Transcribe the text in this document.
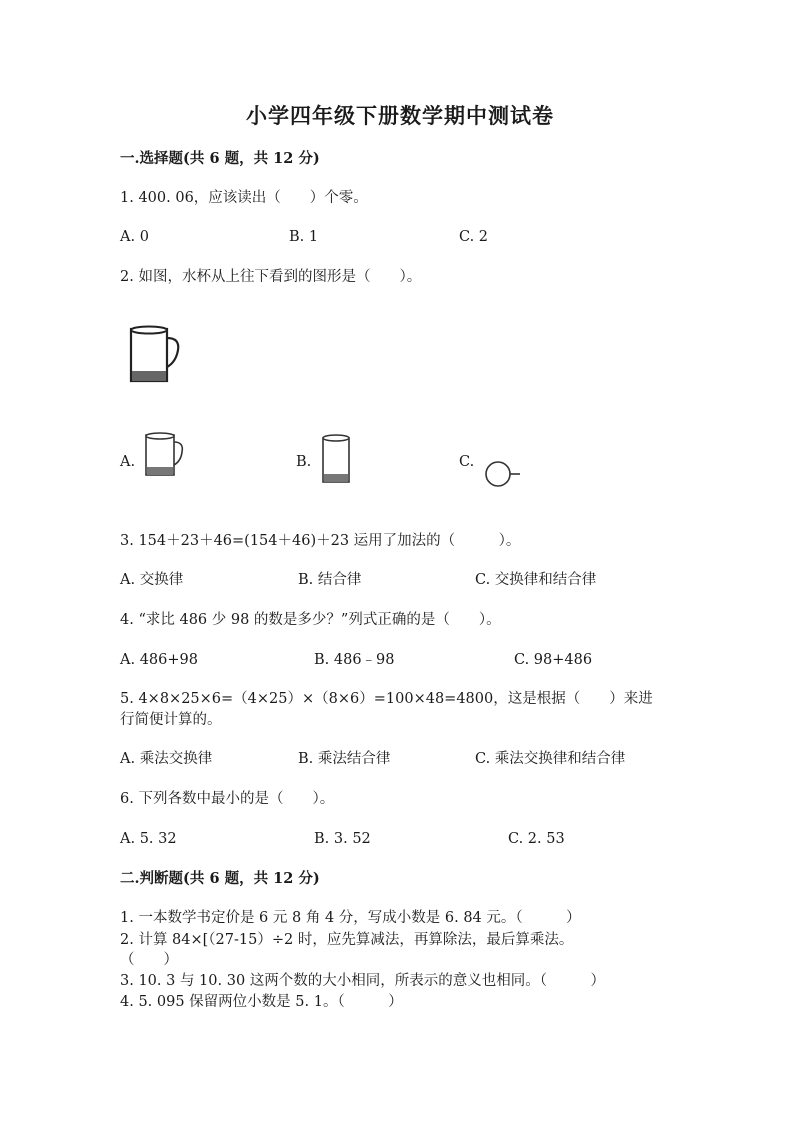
小学四年级下册数学期中测试卷
一.选择题(共 6 题，共 12 分)
1. 400. 06，应该读出（　　）个零。
A. 0	B. 1	C. 2
2. 如图，水杯从上往下看到的图形是（　　）。
A.	B.	C.
3. 154＋23＋46=(154＋46)＋23 运用了加法的（　　　）。
A. 交换律	B. 结合律	C. 交换律和结合律
4. “求比 486 少 98 的数是多少？”列式正确的是（　　）。
A. 486+98	B. 486﹣98	C. 98+486
5. 4×8×25×6=（4×25）×（8×6）=100×48=4800，这是根据（　　）来进
行简便计算的。
A. 乘法交换律	B. 乘法结合律	C. 乘法交换律和结合律
6. 下列各数中最小的是（　　）。
A. 5. 32	B. 3. 52	C. 2. 53
二.判断题(共 6 题，共 12 分)
1. 一本数学书定价是 6 元 8 角 4 分，写成小数是 6. 84 元。（　　　）
2. 计算 84×[（27-15）÷2 时，应先算减法，再算除法，最后算乘法。
（　　）
3. 10. 3 与 10. 30 这两个数的大小相同，所表示的意义也相同。（　　　）
4. 5. 095 保留两位小数是 5. 1。（　　　）
